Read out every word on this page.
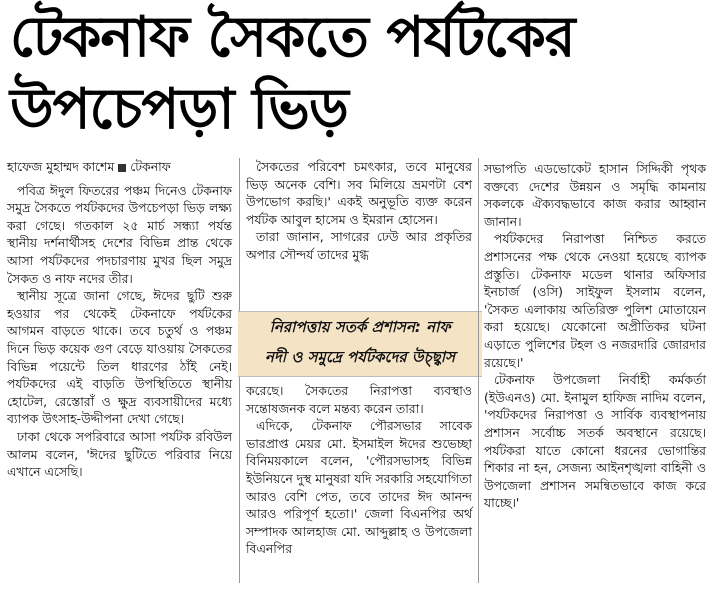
টেকনাফ সৈকতে পর্যটকের
উপচেপড়া ভিড়
হাফেজ মুহাম্মদ কাশেম টেকনাফ

পবিত্র ঈদুল ফিতরের পঞ্চম দিনেও টেকনাফ সমুদ্র সৈকতে পর্যটকদের উপচেপড়া ভিড় লক্ষ্য করা গেছে। গতকাল ২৫ মার্চ সন্ধ্যা পর্যন্ত স্থানীয় দর্শনার্থীসহ দেশের বিভিন্ন প্রান্ত থেকে আসা পর্যটকদের পদচারণায় মুখর ছিল সমুদ্র সৈকত ও নাফ নদের তীর।

স্থানীয় সূত্রে জানা গেছে, ঈদের ছুটি শুরু হওয়ার পর থেকেই টেকনাফে পর্যটকের আগমন বাড়তে থাকে। তবে চতুর্থ ও পঞ্চম দিনে ভিড় কয়েক গুণ বেড়ে যাওয়ায় সৈকতের বিভিন্ন পয়েন্টে তিল ধারণের ঠাঁই নেই। পর্যটকদের এই বাড়তি উপস্থিতিতে স্থানীয় হোটেল, রেস্তোরাঁ ও ক্ষুদ্র ব্যবসায়ীদের মধ্যে ব্যাপক উৎসাহ-উদ্দীপনা দেখা গেছে।

ঢাকা থেকে সপরিবারে আসা পর্যটক রবিউল আলম বলেন, 'ঈদের ছুটিতে পরিবার নিয়ে এখানে এসেছি।

সৈকতের পরিবেশ চমৎকার, তবে মানুষের ভিড় অনেক বেশি। সব মিলিয়ে ভ্রমণটা বেশ উপভোগ করছি।' একই অনুভূতি ব্যক্ত করেন পর্যটক আবুল হাসেম ও ইমরান হোসেন।

তারা জানান, সাগরের ঢেউ আর প্রকৃতির অপার সৌন্দর্য তাদের মুগ্ধ

নিরাপত্তায় সতর্ক প্রশাসন: নাফ
নদী ও সমুদ্রে পর্যটকদের উচ্ছ্বাস

করেছে। সৈকতের নিরাপত্তা ব্যবস্থাও সন্তোষজনক বলে মন্তব্য করেন তারা।

এদিকে, টেকনাফ পৌরসভার সাবেক ভারপ্রাপ্ত মেয়র মো. ইসমাইল ঈদের শুভেচ্ছা বিনিময়কালে বলেন, 'পৌরসভাসহ বিভিন্ন ইউনিয়নে দুস্থ মানুষরা যদি সরকারি সহযোগিতা আরও বেশি পেত, তবে তাদের ঈদ আনন্দ আরও পরিপূর্ণ হতো।' জেলা বিএনপির অর্থ সম্পাদক আলহাজ মো. আব্দুল্লাহ ও উপজেলা বিএনপির

সভাপতি এডভোকেট হাসান সিদ্দিকী পৃথক বক্তব্যে দেশের উন্নয়ন ও সমৃদ্ধি কামনায় সকলকে ঐক্যবদ্ধভাবে কাজ করার আহ্বান জানান।

পর্যটকদের নিরাপত্তা নিশ্চিত করতে প্রশাসনের পক্ষ থেকে নেওয়া হয়েছে ব্যাপক প্রস্তুতি। টেকনাফ মডেল থানার অফিসার ইনচার্জ (ওসি) সাইফুল ইসলাম বলেন, 'সৈকত এলাকায় অতিরিক্ত পুলিশ মোতায়েন করা হয়েছে। যেকোনো অপ্রীতিকর ঘটনা এড়াতে পুলিশের টহল ও নজরদারি জোরদার রয়েছে।'

টেকনাফ উপজেলা নির্বাহী কর্মকর্তা (ইউএনও) মো. ইনামুল হাফিজ নাদিম বলেন, 'পর্যটকদের নিরাপত্তা ও সার্বিক ব্যবস্থাপনায় প্রশাসন সর্বোচ্চ সতর্ক অবস্থানে রয়েছে। পর্যটকরা যাতে কোনো ধরনের ভোগান্তির শিকার না হন, সেজন্য আইনশৃঙ্খলা বাহিনী ও উপজেলা প্রশাসন সমন্বিতভাবে কাজ করে যাচ্ছে।'
